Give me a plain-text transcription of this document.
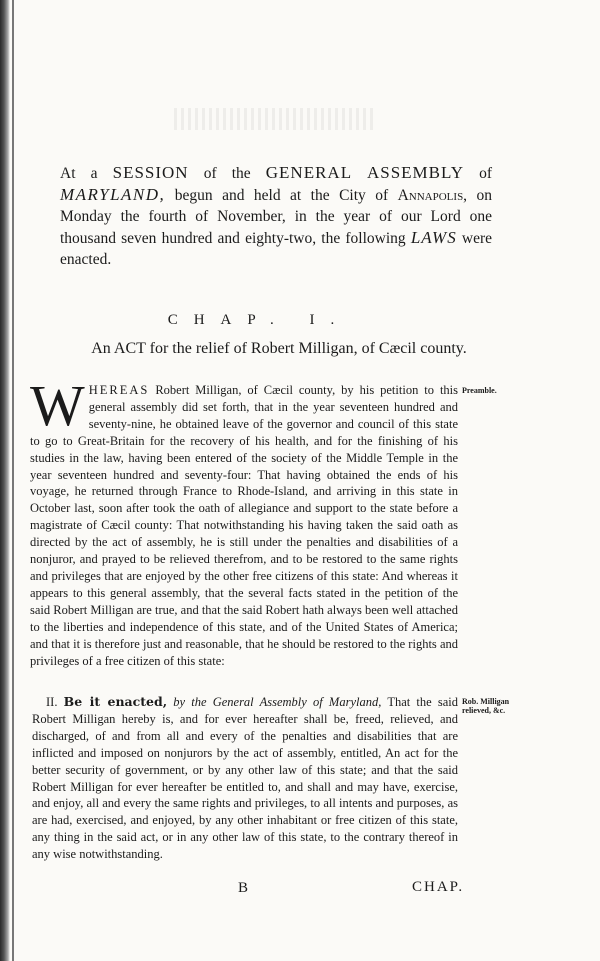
At a SESSION of the GENERAL ASSEMBLY of MARYLAND, begun and held at the City of Annapolis, on Monday the fourth of November, in the year of our Lord one thousand seven hundred and eighty-two, the following LAWS were enacted.
CHAP. I.
An ACT for the relief of Robert Milligan, of Cæcil county.
W HEREAS Robert Milligan, of Cæcil county, by his petition to this general assembly did set forth, that in the year seventeen hundred and seventy-nine, he obtained leave of the governor and council of this state to go to Great-Britain for the recovery of his health, and for the finishing of his studies in the law, having been entered of the society of the Middle Temple in the year seventeen hundred and seventy-four: That having obtained the ends of his voyage, he returned through France to Rhode-Island, and arriving in this state in October last, soon after took the oath of allegiance and support to the state before a magistrate of Cæcil county: That notwithstanding his having taken the said oath as directed by the act of assembly, he is still under the penalties and disabilities of a nonjuror, and prayed to be relieved therefrom, and to be restored to the same rights and privileges that are enjoyed by the other free citizens of this state: And whereas it appears to this general assembly, that the several facts stated in the petition of the said Robert Milligan are true, and that the said Robert hath always been well attached to the liberties and independence of this state, and of the United States of America; and that it is therefore just and reasonable, that he should be restored to the rights and privileges of a free citizen of this state:
Preamble.
Rob. Milligan relieved, &c.
II. Be it enacted, by the General Assembly of Maryland, That the said Robert Milligan hereby is, and for ever hereafter shall be, freed, relieved, and discharged, of and from all and every of the penalties and disabilities that are inflicted and imposed on nonjurors by the act of assembly, entitled, An act for the better security of government, or by any other law of this state; and that the said Robert Milligan for ever hereafter be entitled to, and shall and may have, exercise, and enjoy, all and every the same rights and privileges, to all intents and purposes, as are had, exercised, and enjoyed, by any other inhabitant or free citizen of this state, any thing in the said act, or in any other law of this state, to the contrary thereof in any wise notwithstanding.
B	CHAP.
